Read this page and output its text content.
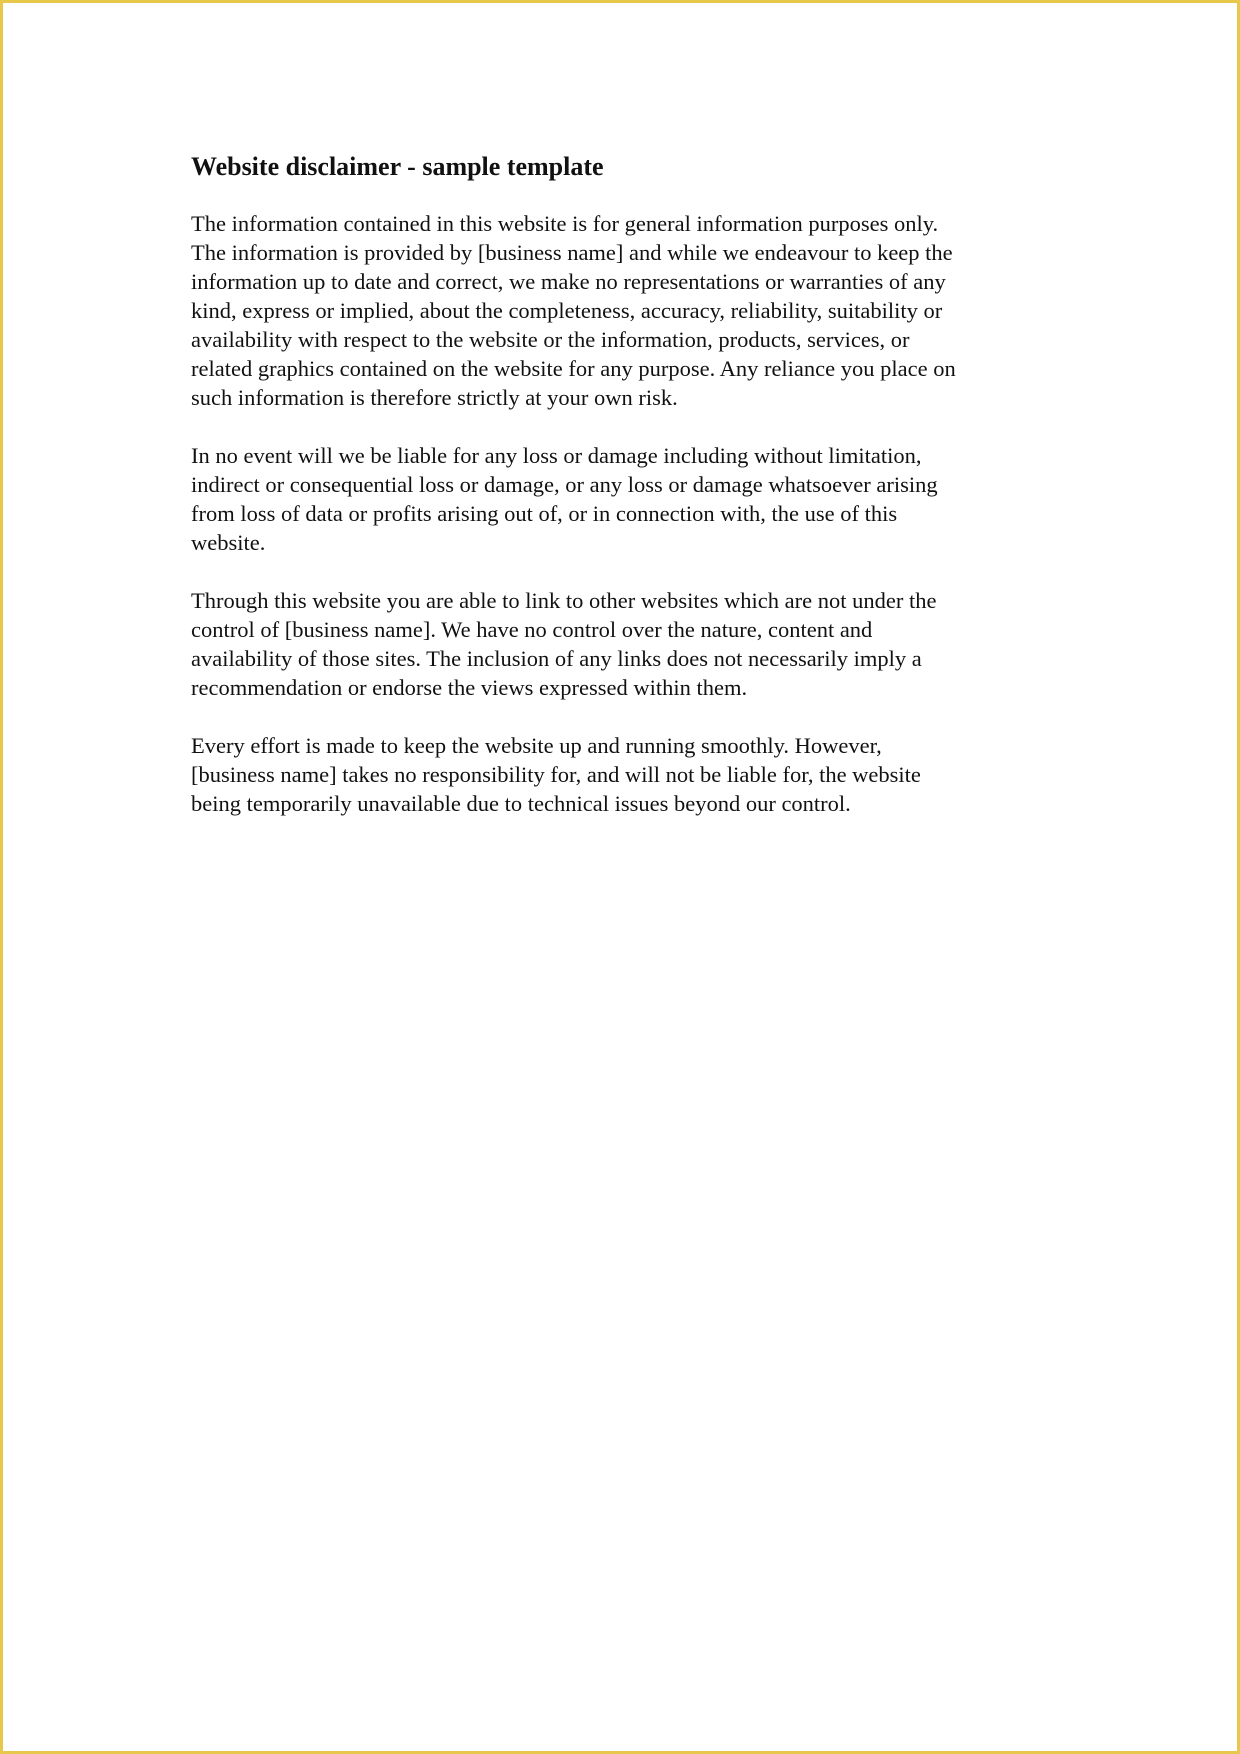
Website disclaimer - sample template

The information contained in this website is for general information purposes only.
The information is provided by [business name] and while we endeavour to keep the
information up to date and correct, we make no representations or warranties of any
kind, express or implied, about the completeness, accuracy, reliability, suitability or
availability with respect to the website or the information, products, services, or
related graphics contained on the website for any purpose. Any reliance you place on
such information is therefore strictly at your own risk.

In no event will we be liable for any loss or damage including without limitation,
indirect or consequential loss or damage, or any loss or damage whatsoever arising
from loss of data or profits arising out of, or in connection with, the use of this
website.

Through this website you are able to link to other websites which are not under the
control of [business name]. We have no control over the nature, content and
availability of those sites. The inclusion of any links does not necessarily imply a
recommendation or endorse the views expressed within them.

Every effort is made to keep the website up and running smoothly. However,
[business name] takes no responsibility for, and will not be liable for, the website
being temporarily unavailable due to technical issues beyond our control.
